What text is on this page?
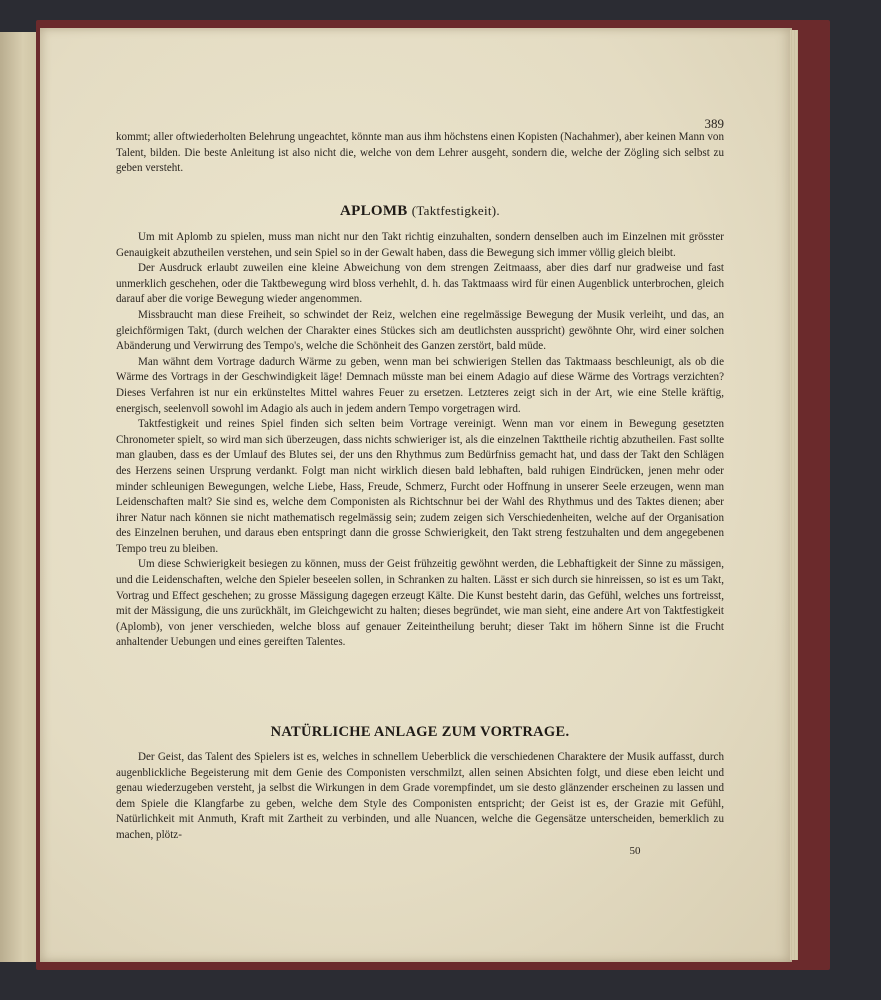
389

kommt; aller oftwiederholten Belehrung ungeachtet, könnte man aus ihm höchstens einen Kopisten (Nachahmer), aber keinen Mann von Talent, bilden. Die beste Anleitung ist also nicht die, welche von dem Lehrer ausgeht, sondern die, welche der Zögling sich selbst zu geben versteht.

APLOMB (Taktfestigkeit).

Um mit Aplomb zu spielen, muss man nicht nur den Takt richtig einzuhalten, sondern denselben auch im Einzelnen mit grösster Genauigkeit abzutheilen verstehen, und sein Spiel so in der Gewalt haben, dass die Bewegung sich immer völlig gleich bleibt.

Der Ausdruck erlaubt zuweilen eine kleine Abweichung von dem strengen Zeitmaass, aber dies darf nur gradweise und fast unmerklich geschehen, oder die Taktbewegung wird bloss verhehlt, d. h. das Taktmaass wird für einen Augenblick unterbrochen, gleich darauf aber die vorige Bewegung wieder angenommen.

Missbraucht man diese Freiheit, so schwindet der Reiz, welchen eine regelmässige Bewegung der Musik verleiht, und das, an gleichförmigen Takt, (durch welchen der Charakter eines Stückes sich am deutlichsten ausspricht) gewöhnte Ohr, wird einer solchen Abänderung und Verwirrung des Tempo's, welche die Schönheit des Ganzen zerstört, bald müde.

Man wähnt dem Vortrage dadurch Wärme zu geben, wenn man bei schwierigen Stellen das Taktmaass beschleunigt, als ob die Wärme des Vortrags in der Geschwindigkeit läge! Demnach müsste man bei einem Adagio auf diese Wärme des Vortrags verzichten? Dieses Verfahren ist nur ein erkünsteltes Mittel wahres Feuer zu ersetzen. Letzteres zeigt sich in der Art, wie eine Stelle kräftig, energisch, seelenvoll sowohl im Adagio als auch in jedem andern Tempo vorgetragen wird.

Taktfestigkeit und reines Spiel finden sich selten beim Vortrage vereinigt. Wenn man vor einem in Bewegung gesetzten Chronometer spielt, so wird man sich überzeugen, dass nichts schwieriger ist, als die einzelnen Takttheile richtig abzutheilen. Fast sollte man glauben, dass es der Umlauf des Blutes sei, der uns den Rhythmus zum Bedürfniss gemacht hat, und dass der Takt den Schlägen des Herzens seinen Ursprung verdankt. Folgt man nicht wirklich diesen bald lebhaften, bald ruhigen Eindrücken, jenen mehr oder minder schleunigen Bewegungen, welche Liebe, Hass, Freude, Schmerz, Furcht oder Hoffnung in unserer Seele erzeugen, wenn man Leidenschaften malt? Sie sind es, welche dem Componisten als Richtschnur bei der Wahl des Rhythmus und des Taktes dienen; aber ihrer Natur nach können sie nicht mathematisch regelmässig sein; zudem zeigen sich Verschiedenheiten, welche auf der Organisation des Einzelnen beruhen, und daraus eben entspringt dann die grosse Schwierigkeit, den Takt streng festzuhalten und dem angegebenen Tempo treu zu bleiben.

Um diese Schwierigkeit besiegen zu können, muss der Geist frühzeitig gewöhnt werden, die Lebhaftigkeit der Sinne zu mässigen, und die Leidenschaften, welche den Spieler beseelen sollen, in Schranken zu halten. Lässt er sich durch sie hinreissen, so ist es um Takt, Vortrag und Effect geschehen; zu grosse Mässigung dagegen erzeugt Kälte. Die Kunst besteht darin, das Gefühl, welches uns fortreisst, mit der Mässigung, die uns zurückhält, im Gleichgewicht zu halten; dieses begründet, wie man sieht, eine andere Art von Taktfestigkeit (Aplomb), von jener verschieden, welche bloss auf genauer Zeiteintheilung beruht; dieser Takt im höhern Sinne ist die Frucht anhaltender Uebungen und eines gereiften Talentes.

NATÜRLICHE ANLAGE ZUM VORTRAGE.

Der Geist, das Talent des Spielers ist es, welches in schnellem Ueberblick die verschiedenen Charaktere der Musik auffasst, durch augenblickliche Begeisterung mit dem Genie des Componisten verschmilzt, allen seinen Absichten folgt, und diese eben leicht und genau wiederzugeben versteht, ja selbst die Wirkungen in dem Grade vorempfindet, um sie desto glänzender erscheinen zu lassen und dem Spiele die Klangfarbe zu geben, welche dem Style des Componisten entspricht; der Geist ist es, der Grazie mit Gefühl, Natürlichkeit mit Anmuth, Kraft mit Zartheit zu verbinden, und alle Nuancen, welche die Gegensätze unterscheiden, bemerklich zu machen, plötz-

50
